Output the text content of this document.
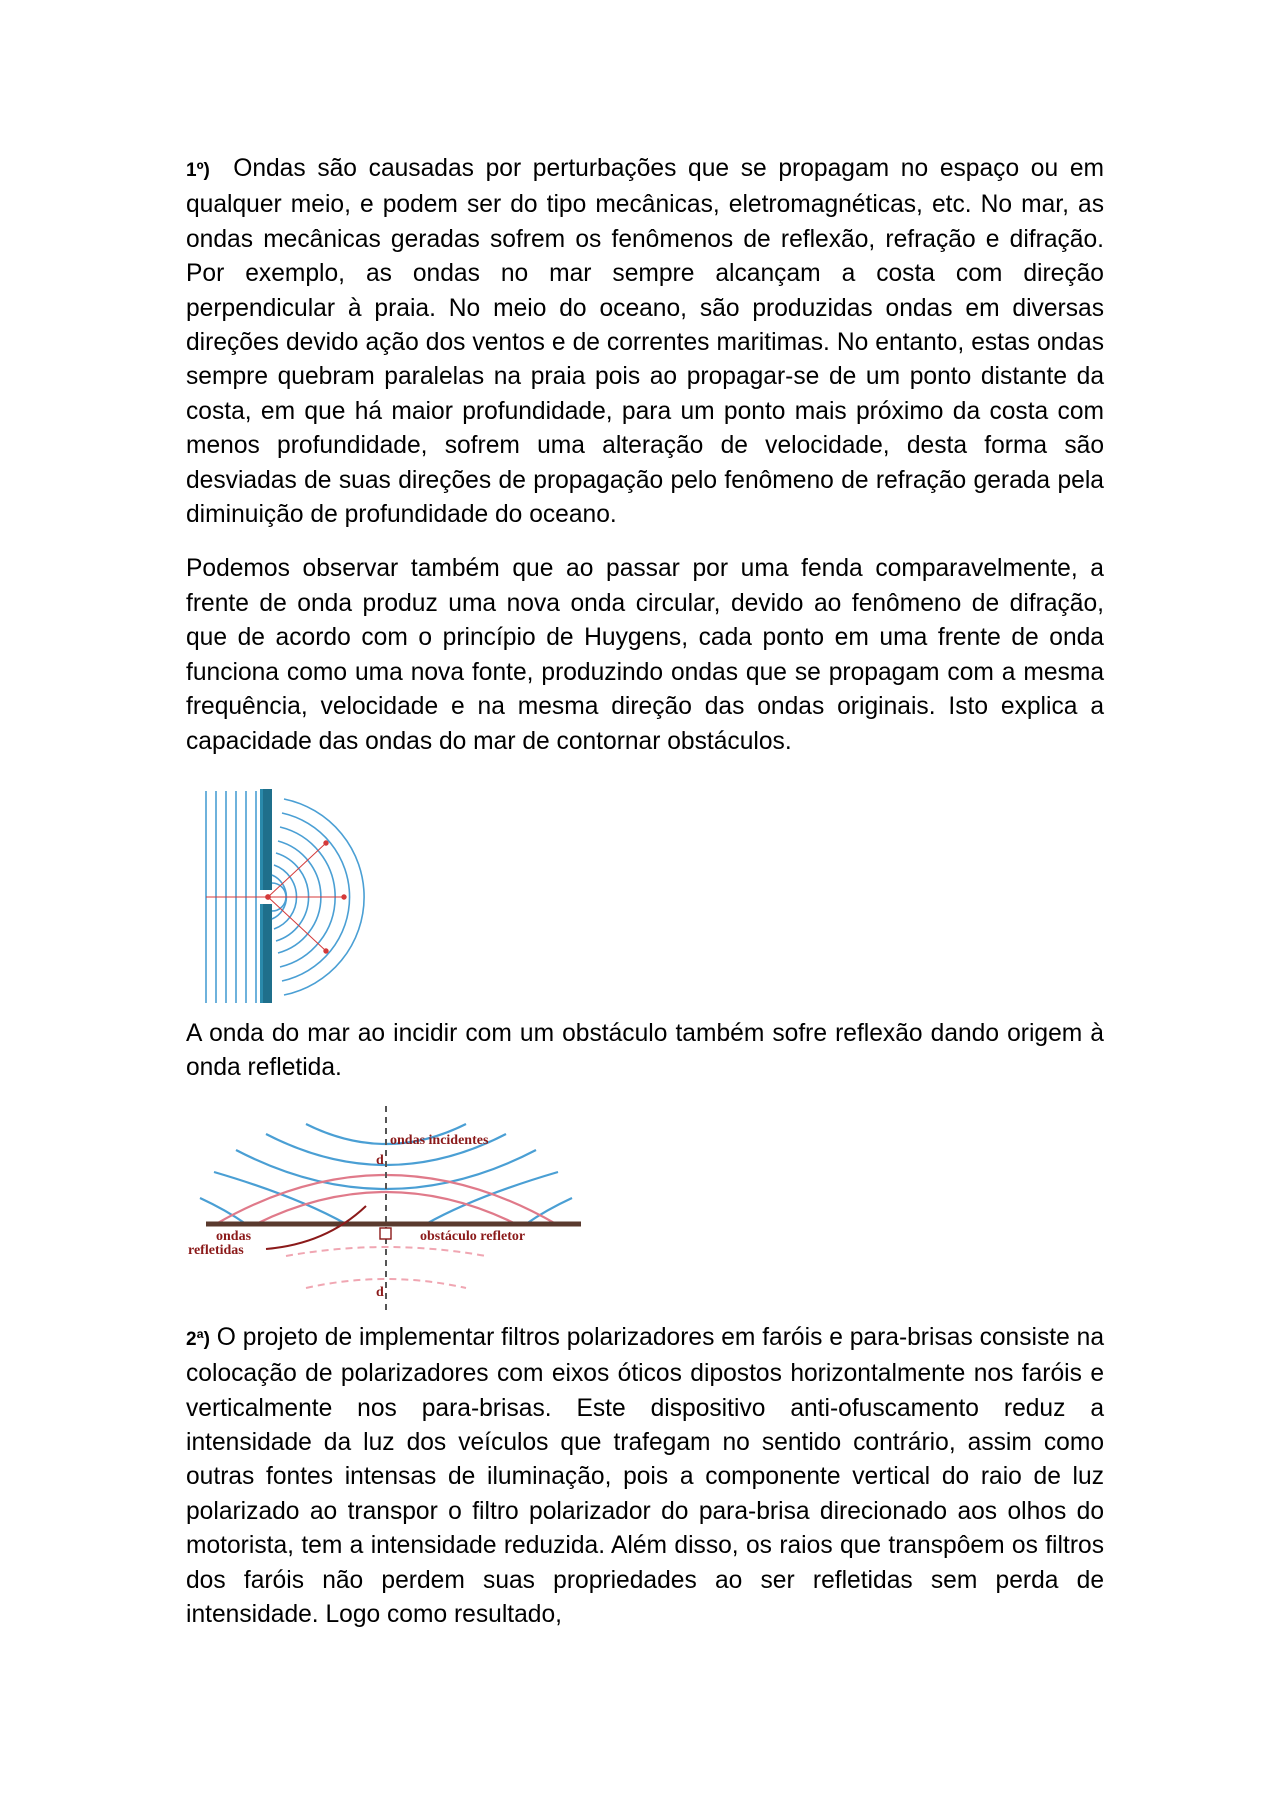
1º) Ondas são causadas por perturbações que se propagam no espaço ou em qualquer meio, e podem ser do tipo mecânicas, eletromagnéticas, etc. No mar, as ondas mecânicas geradas sofrem os fenômenos de reflexão, refração e difração. Por exemplo, as ondas no mar sempre alcançam a costa com direção perpendicular à praia. No meio do oceano, são produzidas ondas em diversas direções devido ação dos ventos e de correntes maritimas. No entanto, estas ondas sempre quebram paralelas na praia pois ao propagar-se de um ponto distante da costa, em que há maior profundidade, para um ponto mais próximo da costa com menos profundidade, sofrem uma alteração de velocidade, desta forma são desviadas de suas direções de propagação pelo fenômeno de refração gerada pela diminuição de profundidade do oceano.

Podemos observar também que ao passar por uma fenda comparavelmente, a frente de onda produz uma nova onda circular, devido ao fenômeno de difração, que de acordo com o princípio de Huygens, cada ponto em uma frente de onda funciona como uma nova fonte, produzindo ondas que se propagam com a mesma frequência, velocidade e na mesma direção das ondas originais. Isto explica a capacidade das ondas do mar de contornar obstáculos.

A onda do mar ao incidir com um obstáculo também sofre reflexão dando origem à onda refletida.

d
ondas incidentes
ondas
refletidas
obstáculo refletor
d

2ª) O projeto de implementar filtros polarizadores em faróis e para-brisas consiste na colocação de polarizadores com eixos óticos dipostos horizontalmente nos faróis e verticalmente nos para-brisas. Este dispositivo anti-ofuscamento reduz a intensidade da luz dos veículos que trafegam no sentido contrário, assim como outras fontes intensas de iluminação, pois a componente vertical do raio de luz polarizado ao transpor o filtro polarizador do para-brisa direcionado aos olhos do motorista, tem a intensidade reduzida. Além disso, os raios que transpôem os filtros dos faróis não perdem suas propriedades ao ser refletidas sem perda de intensidade. Logo como resultado,
